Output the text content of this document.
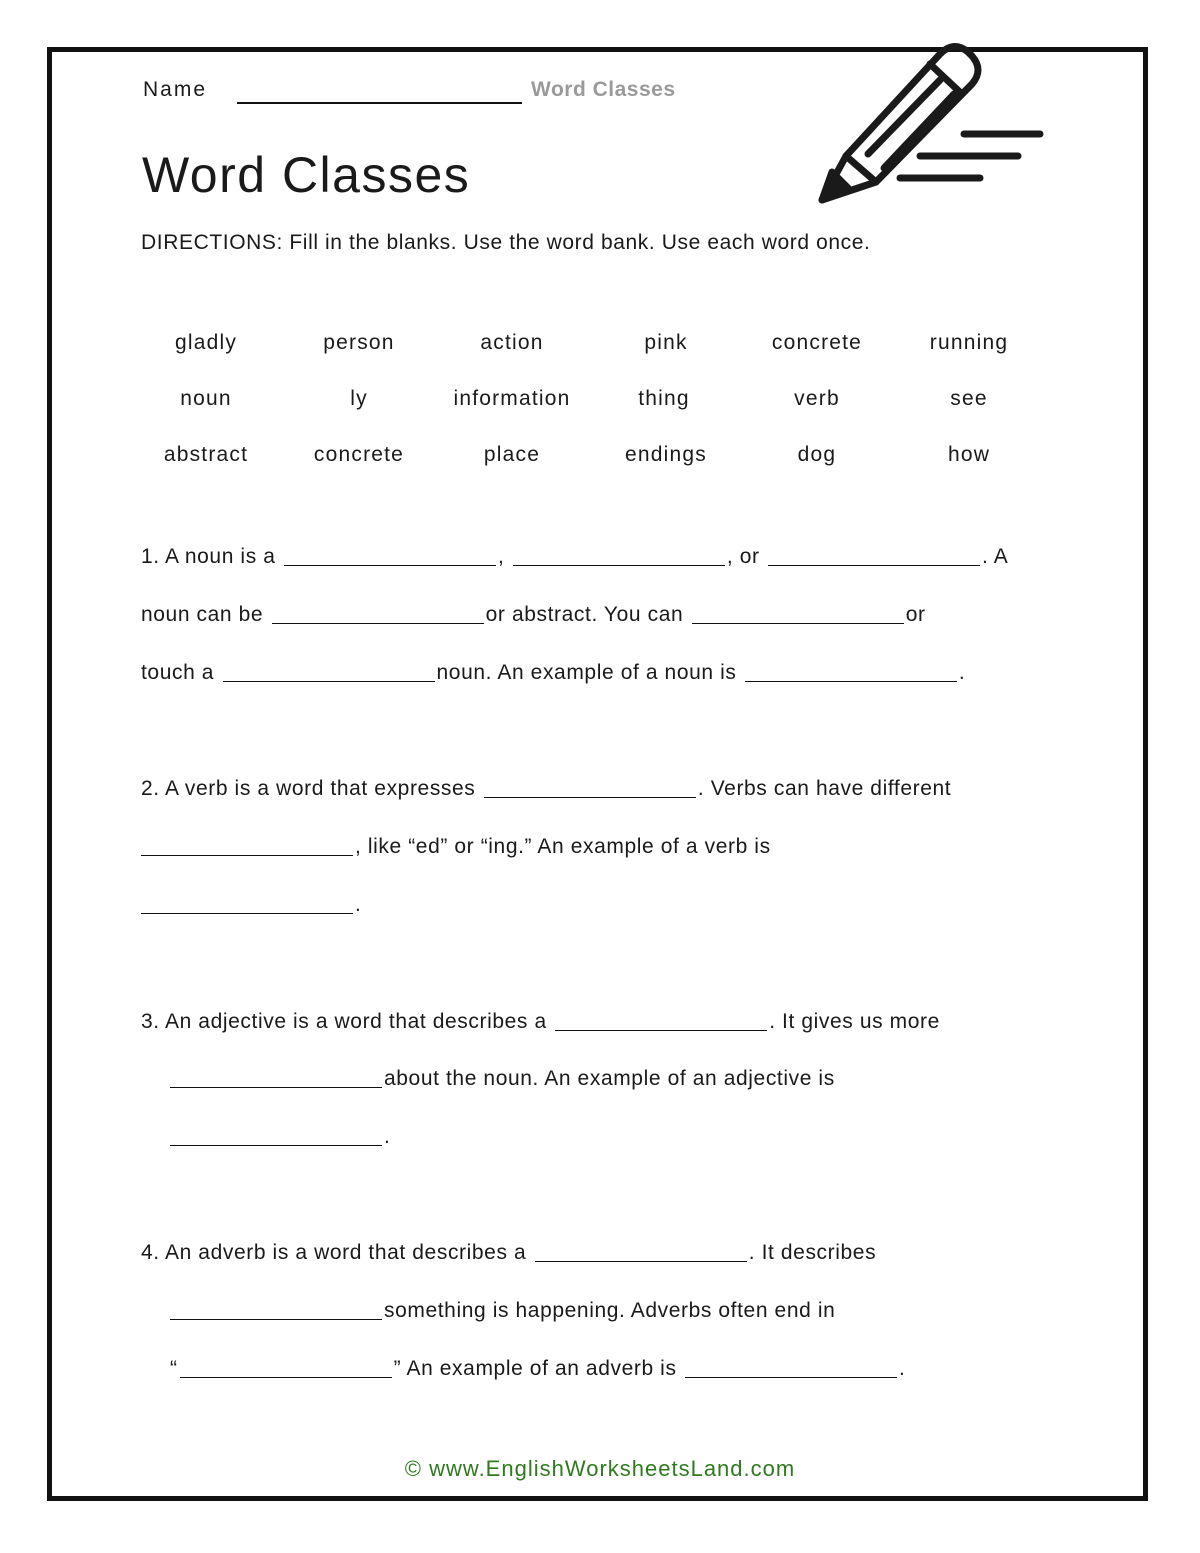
Name	Word Classes
Word Classes
DIRECTIONS: Fill in the blanks. Use the word bank. Use each word once.
gladly	person	action	pink	concrete	running
noun	ly	information	thing	verb	see
abstract	concrete	place	endings	dog	how
1. A noun is a	,	, or	. A
noun can be	or abstract. You can	or
touch a	noun. An example of a noun is	.
2. A verb is a word that expresses	. Verbs can have different
, like “ed” or “ing.” An example of a verb is
.
3. An adjective is a word that describes a	. It gives us more
about the noun. An example of an adjective is
.
4. An adverb is a word that describes a	. It describes
something is happening. Adverbs often end in
“	” An example of an adverb is	.
© www.EnglishWorksheetsLand.com
